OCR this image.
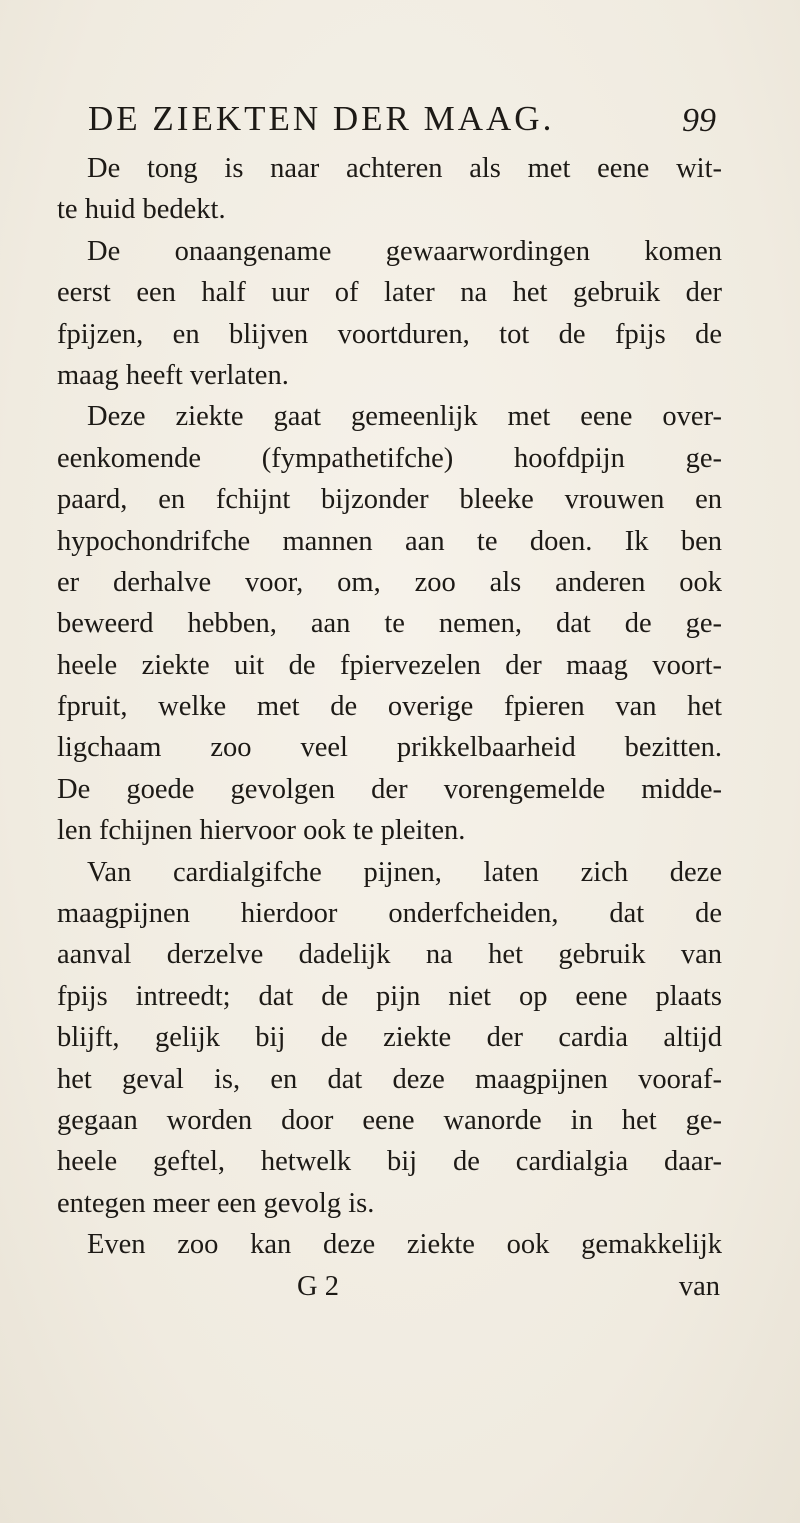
DE ZIEKTEN DER MAAG.	99
De tong is naar achteren als met eene wit-
te huid bedekt.
De onaangename gewaarwordingen komen
eerst een half uur of later na het gebruik der
fpijzen, en blijven voortduren, tot de fpijs de
maag heeft verlaten.
Deze ziekte gaat gemeenlijk met eene over-
eenkomende (fympathetifche) hoofdpijn ge-
paard, en fchijnt bijzonder bleeke vrouwen en
hypochondrifche mannen aan te doen. Ik ben
er derhalve voor, om, zoo als anderen ook
beweerd hebben, aan te nemen, dat de ge-
heele ziekte uit de fpiervezelen der maag voort-
fpruit, welke met de overige fpieren van het
ligchaam zoo veel prikkelbaarheid bezitten.
De goede gevolgen der vorengemelde midde-
len fchijnen hiervoor ook te pleiten.
Van cardialgifche pijnen, laten zich deze
maagpijnen hierdoor onderfcheiden, dat de
aanval derzelve dadelijk na het gebruik van
fpijs intreedt; dat de pijn niet op eene plaats
blijft, gelijk bij de ziekte der cardia altijd
het geval is, en dat deze maagpijnen vooraf-
gegaan worden door eene wanorde in het ge-
heele geftel, hetwelk bij de cardialgia daar-
entegen meer een gevolg is.
Even zoo kan deze ziekte ook gemakkelijk
G 2	van
